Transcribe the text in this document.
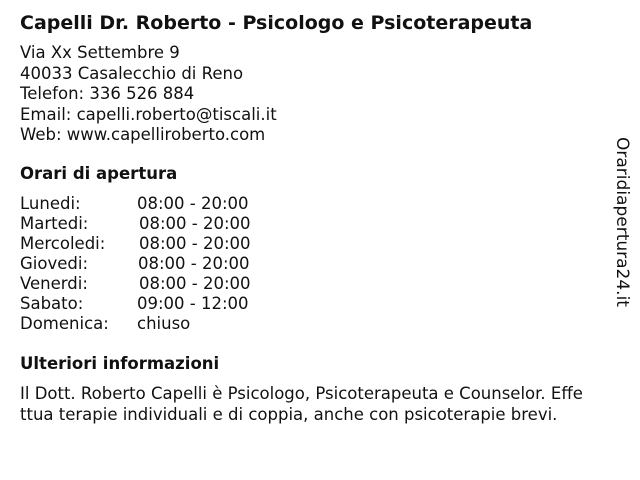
Capelli Dr. Roberto - Psicologo e Psicoterapeuta
Via Xx Settembre 9
40033 Casalecchio di Reno
Telefon: 336 526 884
Email: capelli.roberto@tiscali.it
Web: www.capelliroberto.com
Orari di apertura
Lunedi:	08:00 - 20:00
Martedi:	08:00 - 20:00
Mercoledi:	08:00 - 20:00
Giovedi:	08:00 - 20:00
Venerdi:	08:00 - 20:00
Sabato:	09:00 - 12:00
Domenica:	chiuso
Ulteriori informazioni
Il Dott. Roberto Capelli è Psicologo, Psicoterapeuta e Counselor. Effe
ttua terapie individuali e di coppia, anche con psicoterapie brevi.
Oraridiapertura24.it
